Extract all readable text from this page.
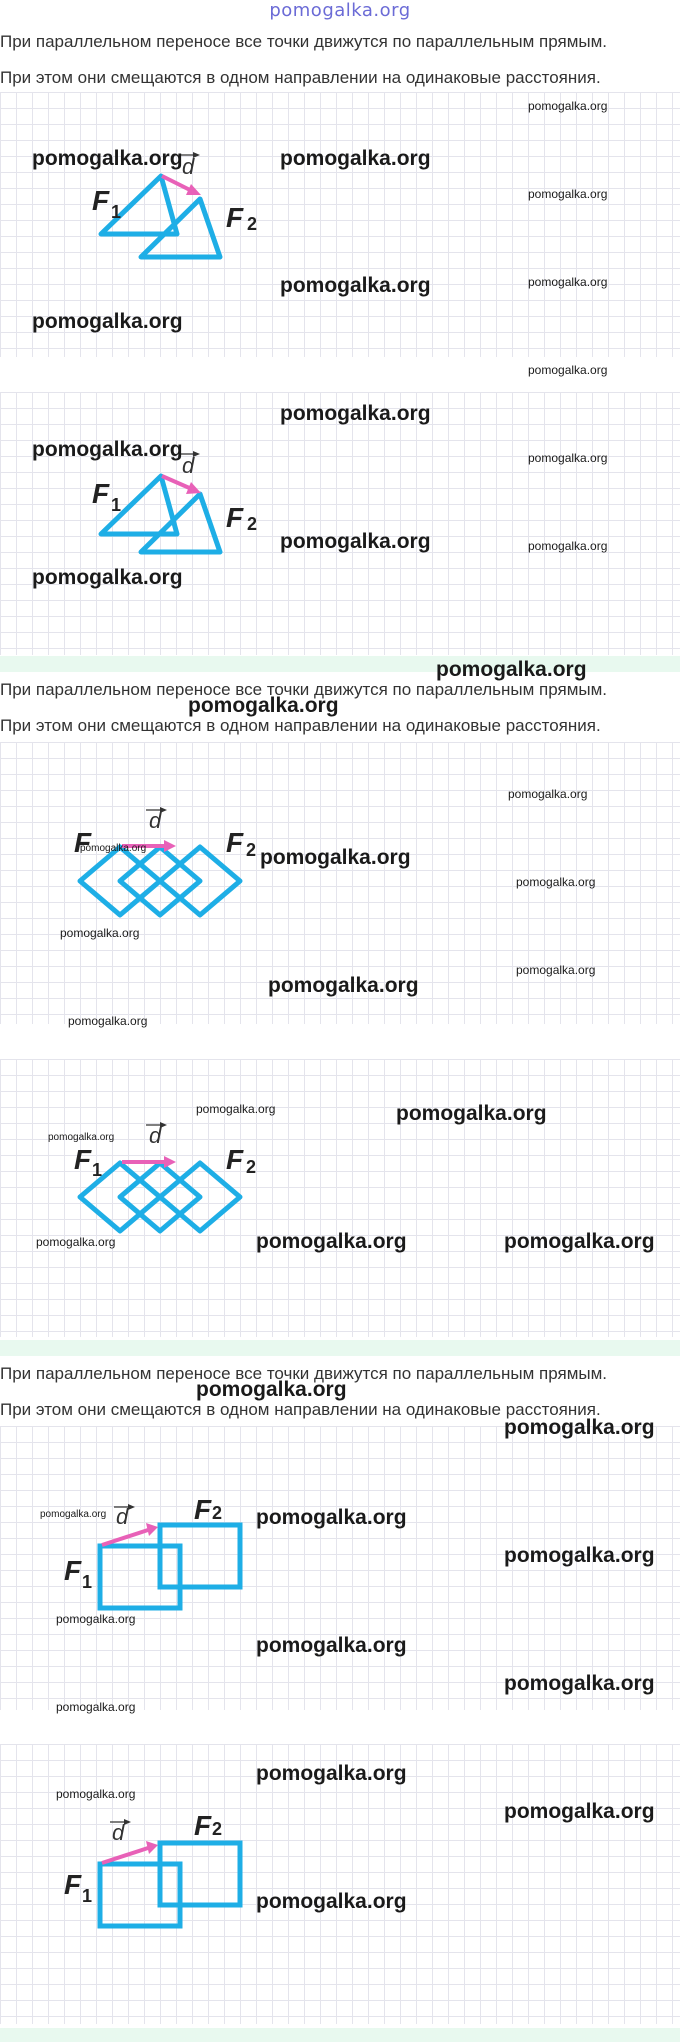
pomogalka.org
При параллельном переносе все точки движутся по параллельным прямым.
При этом они смещаются в одном направлении на одинаковые расстояния.
d
F 1	F 2
pomogalka.org	pomogalka.org
pomogalka.org
pomogalka.org
pomogalka.org
pomogalka.org
pomogalka.org
pomogalka.org
d
F 1	F 2
pomogalka.org
pomogalka.org
pomogalka.org
pomogalka.org
pomogalka.org
pomogalka.org
pomogalka.org
При параллельном переносе все точки движутся по параллельным прямым.
pomogalka.org
При этом они смещаются в одном направлении на одинаковые расстояния.
d
F	F 2
pomogalka.org	pomogalka.org
pomogalka.org
pomogalka.org
pomogalka.org
pomogalka.org
pomogalka.org
pomogalka.org
d
F 1	F 2
pomogalka.org	pomogalka.org
pomogalka.org
pomogalka.org	pomogalka.org	pomogalka.org
При параллельном переносе все точки движутся по параллельным прямым.
pomogalka.org
При этом они смещаются в одном направлении на одинаковые расстояния.
d
F 1
F 2
pomogalka.org
pomogalka.org	pomogalka.org
pomogalka.org
pomogalka.org
pomogalka.org
pomogalka.org
pomogalka.org
d
F 1
F 2
pomogalka.org
pomogalka.org
pomogalka.org
pomogalka.org
